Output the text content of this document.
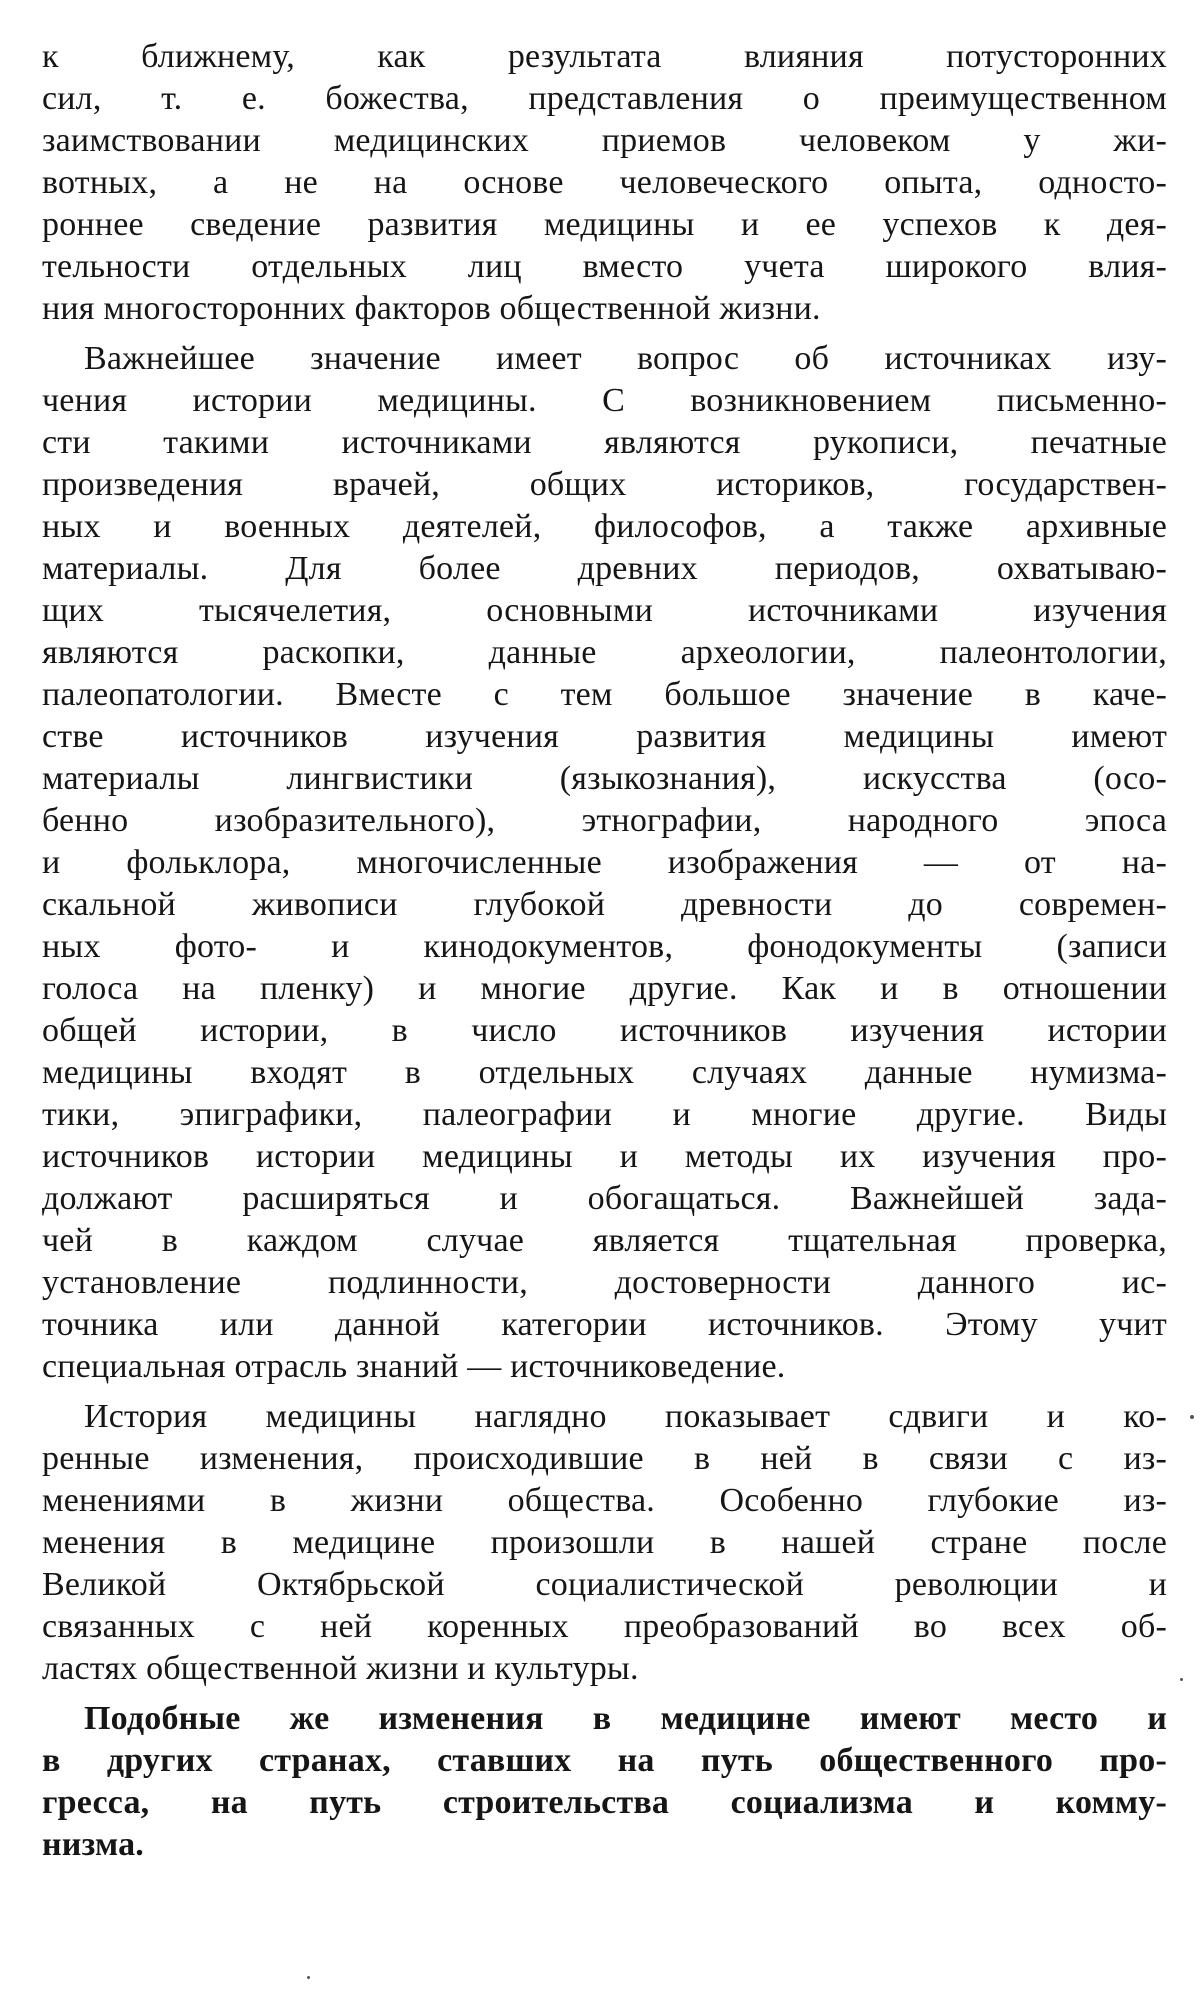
к ближнему, как результата влияния потусторонних
сил, т. е. божества, представления о преимущественном
заимствовании медицинских приемов человеком у жи-
вотных, а не на основе человеческого опыта, односто-
роннее сведение развития медицины и ее успехов к дея-
тельности отдельных лиц вместо учета широкого влия-
ния многосторонних факторов общественной жизни.
Важнейшее значение имеет вопрос об источниках изу-
чения истории медицины. С возникновением письменно-
сти такими источниками являются рукописи, печатные
произведения врачей, общих историков, государствен-
ных и военных деятелей, философов, а также архивные
материалы. Для более древних периодов, охватываю-
щих тысячелетия, основными источниками изучения
являются раскопки, данные археологии, палеонтологии,
палеопатологии. Вместе с тем большое значение в каче-
стве источников изучения развития медицины имеют
материалы лингвистики (языкознания), искусства (осо-
бенно изобразительного), этнографии, народного эпоса
и фольклора, многочисленные изображения — от на-
скальной живописи глубокой древности до современ-
ных фото- и кинодокументов, фонодокументы (записи
голоса на пленку) и многие другие. Как и в отношении
общей истории, в число источников изучения истории
медицины входят в отдельных случаях данные нумизма-
тики, эпиграфики, палеографии и многие другие. Виды
источников истории медицины и методы их изучения про-
должают расширяться и обогащаться. Важнейшей зада-
чей в каждом случае является тщательная проверка,
установление подлинности, достоверности данного ис-
точника или данной категории источников. Этому учит
специальная отрасль знаний — источниковедение.
История медицины наглядно показывает сдвиги и ко-
ренные изменения, происходившие в ней в связи с из-
менениями в жизни общества. Особенно глубокие из-
менения в медицине произошли в нашей стране после
Великой Октябрьской социалистической революции и
связанных с ней коренных преобразований во всех об-
ластях общественной жизни и культуры.
Подобные же изменения в медицине имеют место и
в других странах, ставших на путь общественного про-
гресса, на путь строительства социализма и комму-
низма.
